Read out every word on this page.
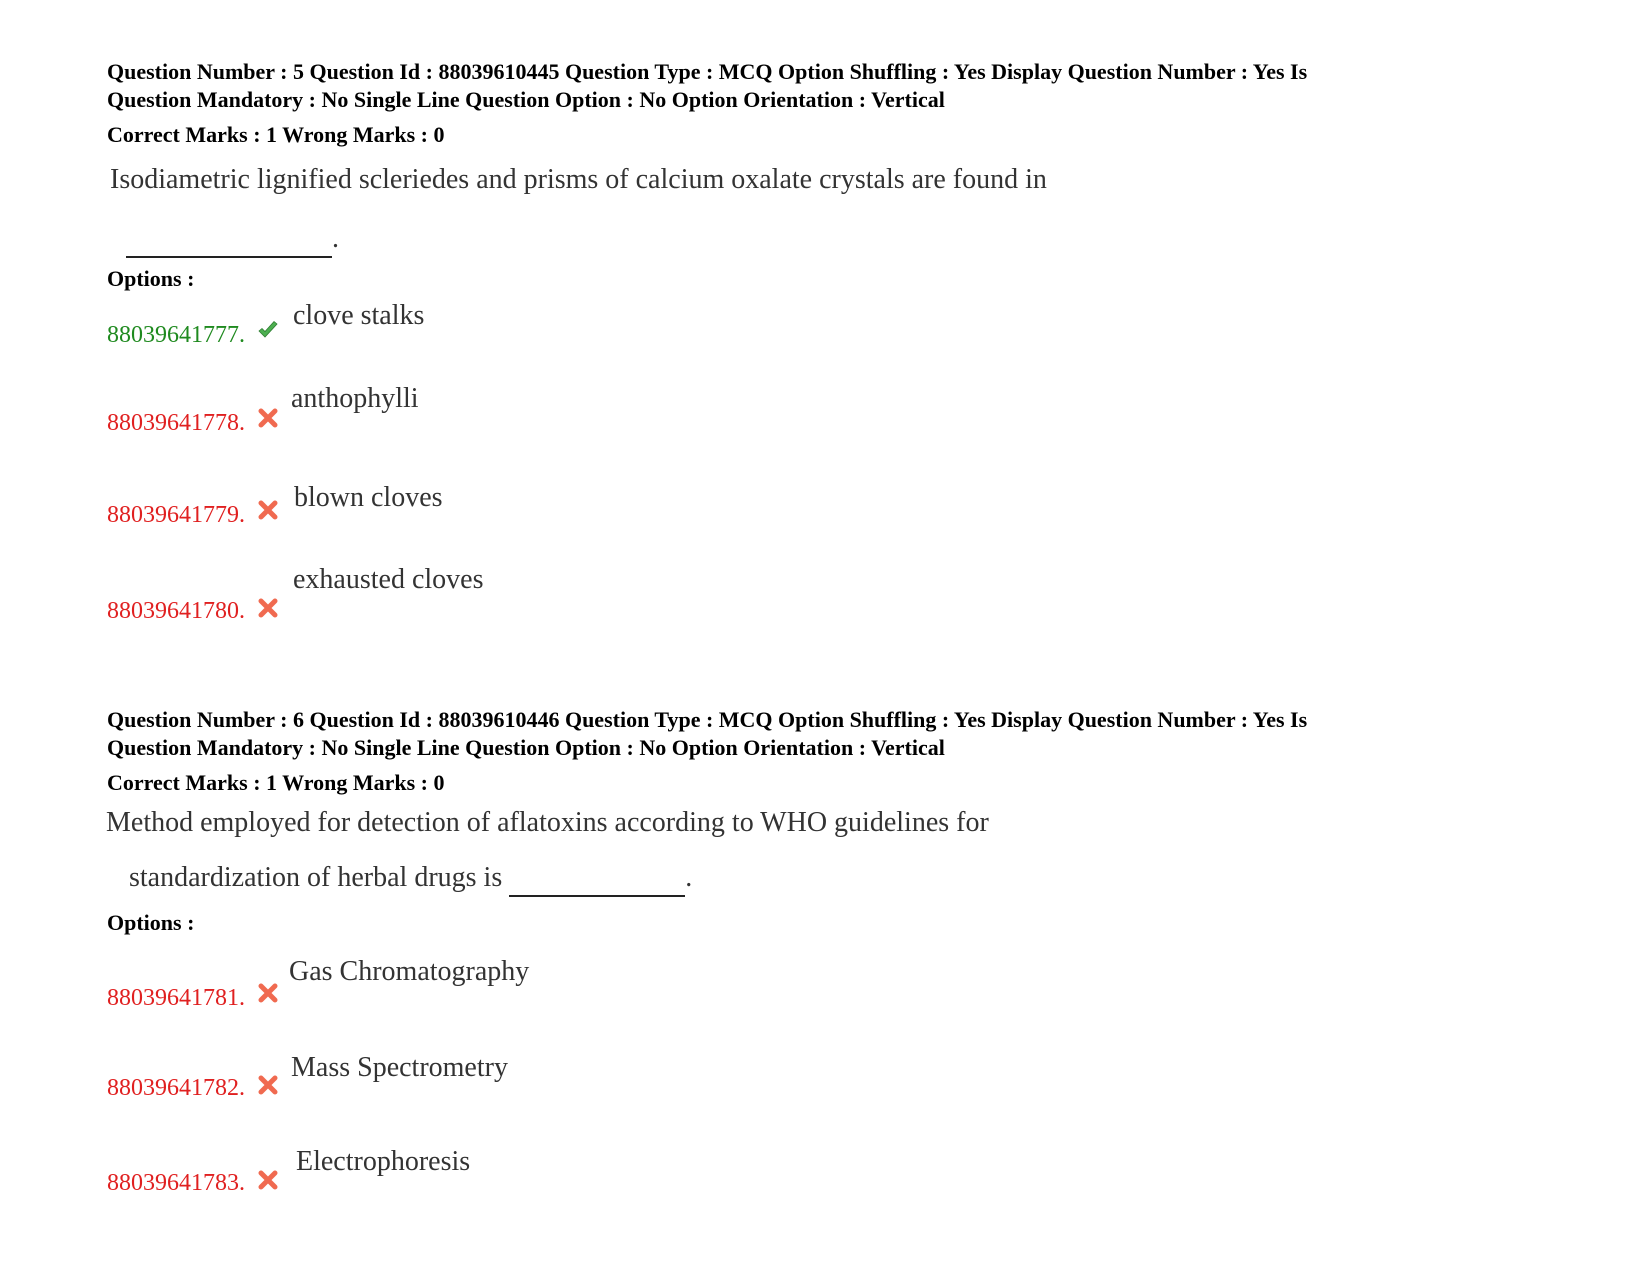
Question Number : 5 Question Id : 88039610445 Question Type : MCQ Option Shuffling : Yes Display Question Number : Yes Is

Question Mandatory : No Single Line Question Option : No Option Orientation : Vertical

Correct Marks : 1 Wrong Marks : 0

Isodiametric lignified scleriedes and prisms of calcium oxalate crystals are found in
.

Options :

88039641777.
clove stalks
88039641778.
anthophylli
88039641779.
blown cloves
88039641780.
exhausted cloves

Question Number : 6 Question Id : 88039610446 Question Type : MCQ Option Shuffling : Yes Display Question Number : Yes Is

Question Mandatory : No Single Line Question Option : No Option Orientation : Vertical

Correct Marks : 1 Wrong Marks : 0

Method employed for detection of aflatoxins according to WHO guidelines for
standardization of herbal drugs is	.

Options :

88039641781.
Gas Chromatography
88039641782.
Mass Spectrometry
88039641783.
Electrophoresis
